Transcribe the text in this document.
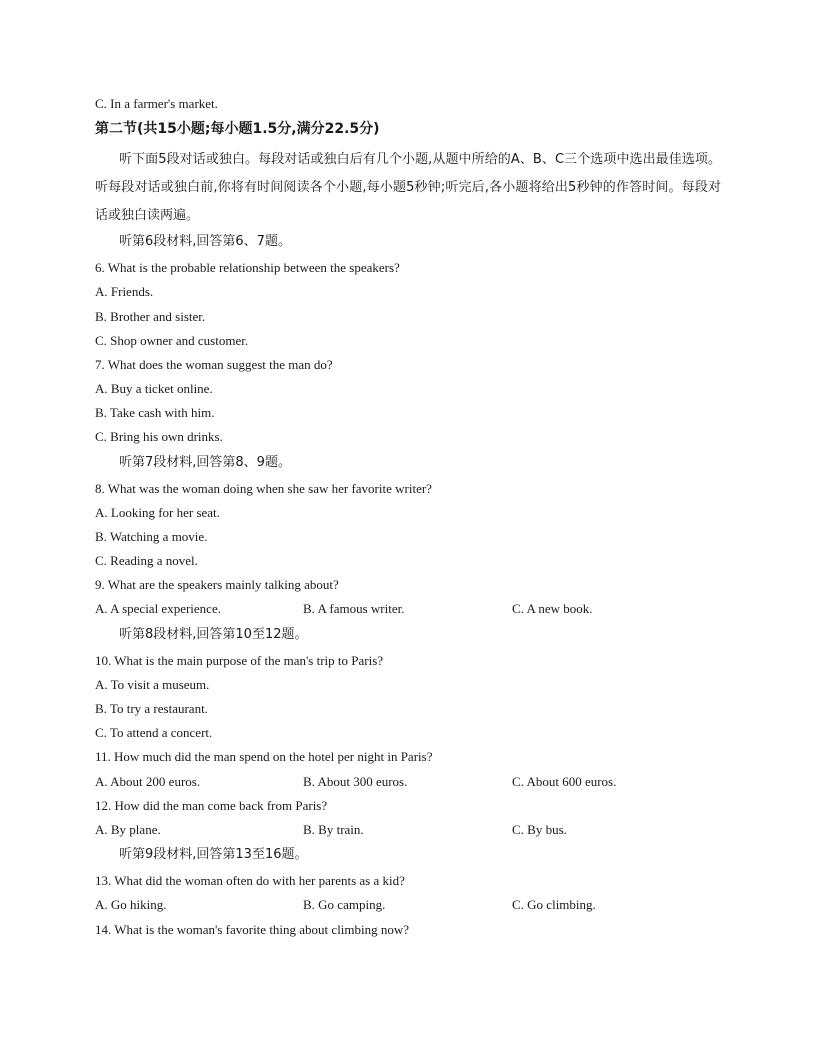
C. In a farmer's market.
第二节(共15小题;每小题1.5分,满分22.5分)
听下面5段对话或独白。每段对话或独白后有几个小题,从题中所给的A、B、C三个选项中选出最佳选项。听每段对话或独白前,你将有时间阅读各个小题,每小题5秒钟;听完后,各小题将给出5秒钟的作答时间。每段对话或独白读两遍。
听第6段材料,回答第6、7题。
6. What is the probable relationship between the speakers?
A. Friends.
B. Brother and sister.
C. Shop owner and customer.
7. What does the woman suggest the man do?
A. Buy a ticket online.
B. Take cash with him.
C. Bring his own drinks.
听第7段材料,回答第8、9题。
8. What was the woman doing when she saw her favorite writer?
A. Looking for her seat.
B. Watching a movie.
C. Reading a novel.
9. What are the speakers mainly talking about?
A. A special experience.	B. A famous writer.	C. A new book.
听第8段材料,回答第10至12题。
10. What is the main purpose of the man's trip to Paris?
A. To visit a museum.
B. To try a restaurant.
C. To attend a concert.
11. How much did the man spend on the hotel per night in Paris?
A. About 200 euros.	B. About 300 euros.	C. About 600 euros.
12. How did the man come back from Paris?
A. By plane.	B. By train.	C. By bus.
听第9段材料,回答第13至16题。
13. What did the woman often do with her parents as a kid?
A. Go hiking.	B. Go camping.	C. Go climbing.
14. What is the woman's favorite thing about climbing now?
